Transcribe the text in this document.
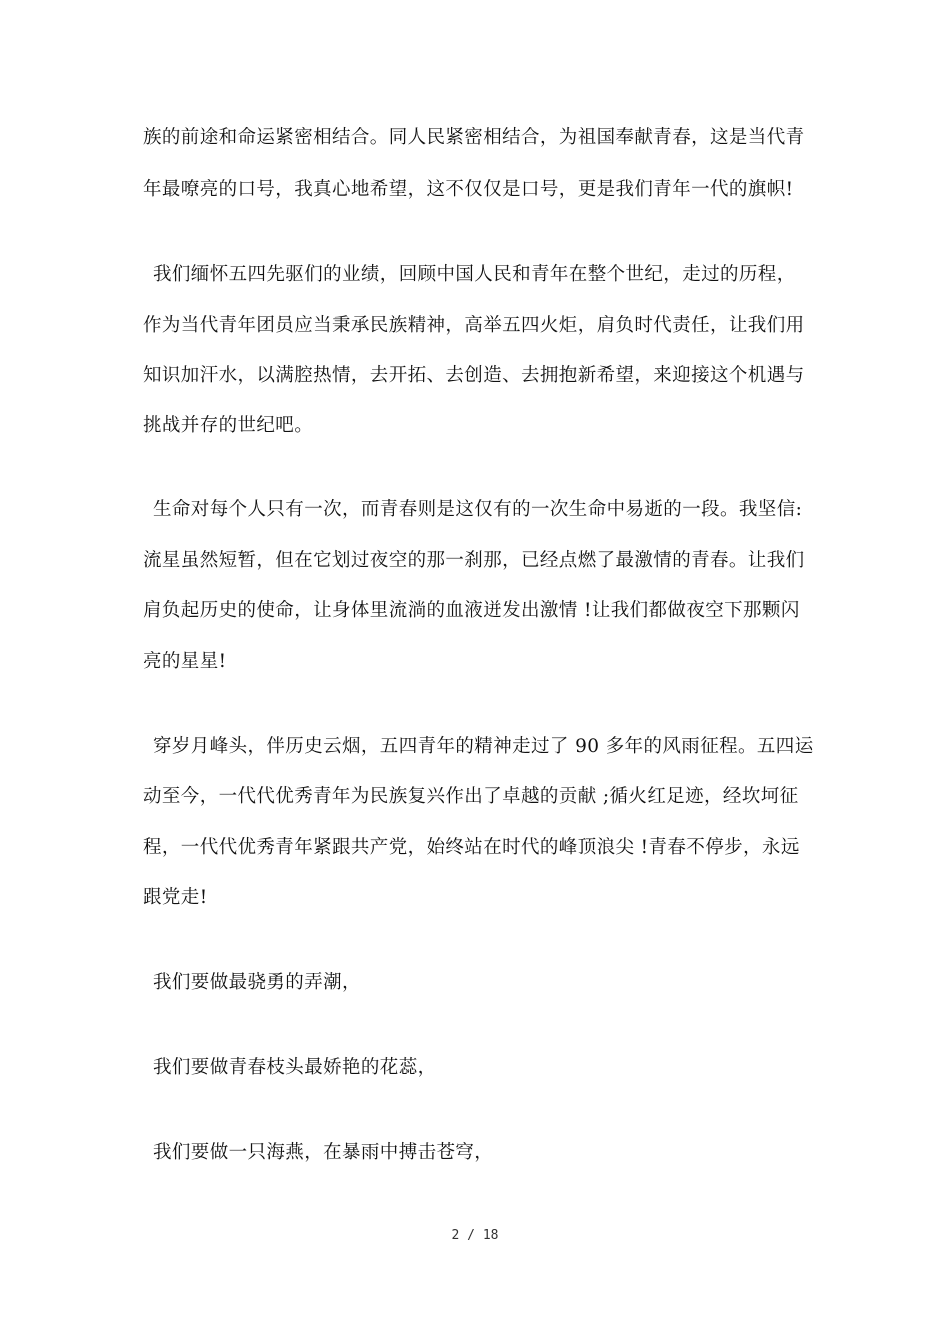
族的前途和命运紧密相结合。同人民紧密相结合，为祖国奉献青春，这是当代青
年最嘹亮的口号，我真心地希望，这不仅仅是口号，更是我们青年一代的旗帜!
我们缅怀五四先驱们的业绩，回顾中国人民和青年在整个世纪，走过的历程，
作为当代青年团员应当秉承民族精神，高举五四火炬，肩负时代责任，让我们用
知识加汗水，以满腔热情，去开拓、去创造、去拥抱新希望，来迎接这个机遇与
挑战并存的世纪吧。
生命对每个人只有一次，而青春则是这仅有的一次生命中易逝的一段。我坚信:
流星虽然短暂，但在它划过夜空的那一刹那，已经点燃了最激情的青春。让我们
肩负起历史的使命，让身体里流淌的血液迸发出激情 !让我们都做夜空下那颗闪
亮的星星!
穿岁月峰头，伴历史云烟，五四青年的精神走过了 90 多年的风雨征程。五四运
动至今，一代代优秀青年为民族复兴作出了卓越的贡献 ;循火红足迹，经坎坷征
程，一代代优秀青年紧跟共产党，始终站在时代的峰顶浪尖 !青春不停步，永远
跟党走!
我们要做最骁勇的弄潮，
我们要做青春枝头最娇艳的花蕊，
我们要做一只海燕，在暴雨中搏击苍穹，
2 / 18
